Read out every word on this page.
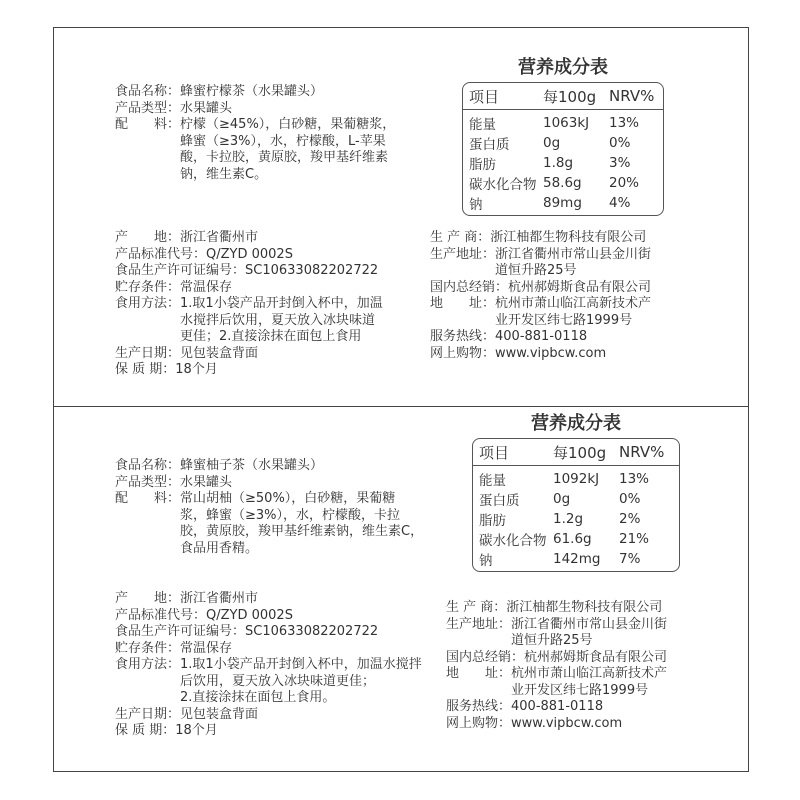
营养成分表
项目	每100g NRV%
能量	1063kJ	13%
蛋白质	0g	0%
脂肪	1.8g	3%
碳水化合物 58.6g	20%
钠	89mg	4%
食品名称： 蜂蜜柠檬茶（水果罐头）
产品类型： 水果罐头
配　　料： 柠檬（≥45%），白砂糖，果葡糖浆，
蜂蜜（≥3%），水，柠檬酸，L-苹果
酸，卡拉胶，黄原胶，羧甲基纤维素
钠，维生素C。
产　　地： 浙江省衢州市
产品标准代号： Q/ZYD 0002S
食品生产许可证编号： SC10633082202722
贮存条件： 常温保存
食用方法： 1.取1小袋产品开封倒入杯中，加温
水搅拌后饮用，夏天放入冰块味道
更佳；2.直接涂抹在面包上食用
生产日期： 见包装盒背面
保 质 期： 18个月
生 产 商： 浙江柚都生物科技有限公司
生产地址： 浙江省衢州市常山县金川街
道恒升路25号
国内总经销： 杭州郝姆斯食品有限公司
地　　址： 杭州市萧山临江高新技术产
业开发区纬七路1999号
服务热线： 400-881-0118
网上购物： www.vipbcw.com
营养成分表
项目	每100g NRV%
能量	1092kJ	13%
蛋白质	0g	0%
脂肪	1.2g	2%
碳水化合物 61.6g	21%
钠	142mg	7%
食品名称： 蜂蜜柚子茶（水果罐头）
产品类型： 水果罐头
配　　料： 常山胡柚（≥50%），白砂糖，果葡糖
浆，蜂蜜（≥3%），水，柠檬酸，卡拉
胶，黄原胶，羧甲基纤维素钠，维生素C，
食品用香精。
产　　地： 浙江省衢州市
产品标准代号： Q/ZYD 0002S
食品生产许可证编号： SC10633082202722
贮存条件： 常温保存
食用方法： 1.取1小袋产品开封倒入杯中，加温水搅拌
后饮用，夏天放入冰块味道更佳；
2.直接涂抹在面包上食用。
生产日期： 见包装盒背面
保 质 期： 18个月
生 产 商： 浙江柚都生物科技有限公司
生产地址： 浙江省衢州市常山县金川街
道恒升路25号
国内总经销： 杭州郝姆斯食品有限公司
地　　址： 杭州市萧山临江高新技术产
业开发区纬七路1999号
服务热线： 400-881-0118
网上购物： www.vipbcw.com
